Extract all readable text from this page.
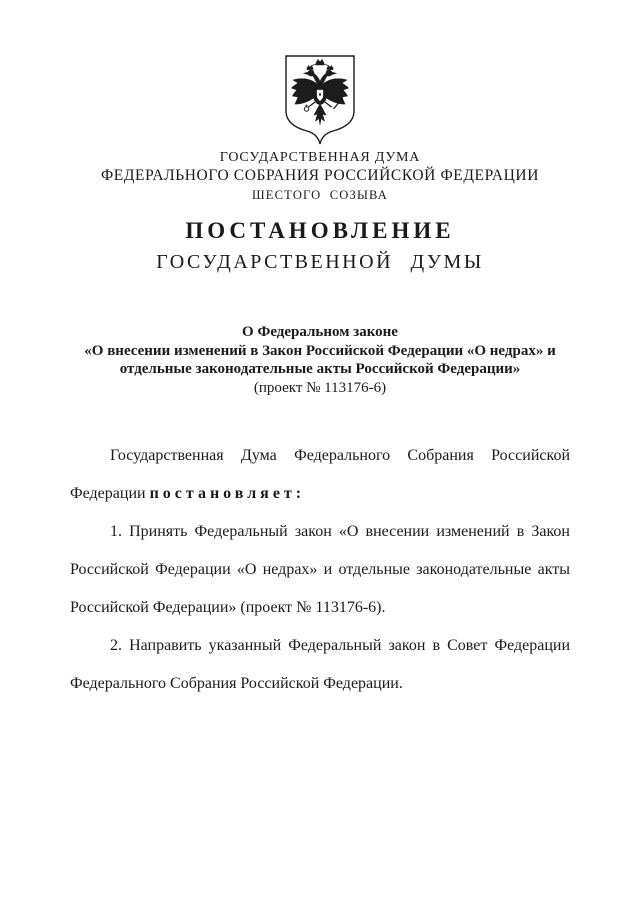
ГОСУДАРСТВЕННАЯ ДУМА
ФЕДЕРАЛЬНОГО СОБРАНИЯ РОССИЙСКОЙ ФЕДЕРАЦИИ
ШЕСТОГО СОЗЫВА
ПОСТАНОВЛЕНИЕ
ГОСУДАРСТВЕННОЙ ДУМЫ
О Федеральном законе
«О внесении изменений в Закон Российской Федерации «О недрах» и
отдельные законодательные акты Российской Федерации»
(проект № 113176-6)

Государственная Дума Федерального Собрания Российской Федерации постановляет:

1. Принять Федеральный закон «О внесении изменений в Закон Российской Федерации «О недрах» и отдельные законодательные акты Российской Федерации» (проект № 113176-6).

2. Направить указанный Федеральный закон в Совет Федерации Федерального Собрания Российской Федерации.
